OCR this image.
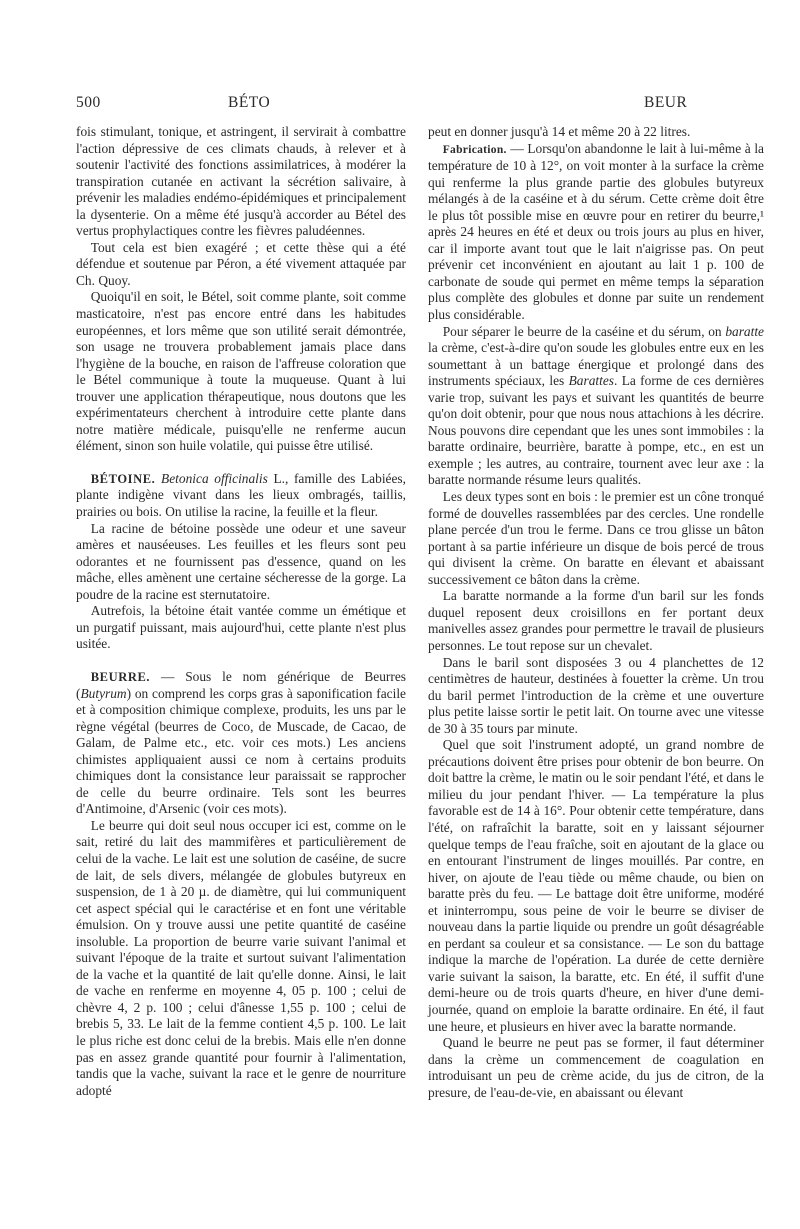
500	BÉTO	BEUR

fois stimulant, tonique, et astringent, il servirait à combattre l'action dépressive de ces climats chauds, à relever et à soutenir l'activité des fonctions assimilatrices, à modérer la transpiration cutanée en activant la sécrétion salivaire, à prévenir les maladies endémo-épidémiques et principalement la dysenterie. On a même été jusqu'à accorder au Bétel des vertus prophylactiques contre les fièvres paludéennes.

Tout cela est bien exagéré ; et cette thèse qui a été défendue et soutenue par Péron, a été vivement attaquée par Ch. Quoy.

Quoiqu'il en soit, le Bétel, soit comme plante, soit comme masticatoire, n'est pas encore entré dans les habitudes européennes, et lors même que son utilité serait démontrée, son usage ne trouvera probablement jamais place dans l'hygiène de la bouche, en raison de l'affreuse coloration que le Bétel communique à toute la muqueuse. Quant à lui trouver une application thérapeutique, nous doutons que les expérimentateurs cherchent à introduire cette plante dans notre matière médicale, puisqu'elle ne renferme aucun élément, sinon son huile volatile, qui puisse être utilisé.

BÉTOINE. Betonica officinalis L., famille des Labiées, plante indigène vivant dans les lieux ombragés, taillis, prairies ou bois. On utilise la racine, la feuille et la fleur.

La racine de bétoine possède une odeur et une saveur amères et nauséeuses. Les feuilles et les fleurs sont peu odorantes et ne fournissent pas d'essence, quand on les mâche, elles amènent une certaine sécheresse de la gorge. La poudre de la racine est sternutatoire.

Autrefois, la bétoine était vantée comme un émétique et un purgatif puissant, mais aujourd'hui, cette plante n'est plus usitée.

BEURRE. — Sous le nom générique de Beurres (Butyrum) on comprend les corps gras à saponification facile et à composition chimique complexe, produits, les uns par le règne végétal (beurres de Coco, de Muscade, de Cacao, de Galam, de Palme etc., etc. voir ces mots.) Les anciens chimistes appliquaient aussi ce nom à certains produits chimiques dont la consistance leur paraissait se rapprocher de celle du beurre ordinaire. Tels sont les beurres d'Antimoine, d'Arsenic (voir ces mots).

Le beurre qui doit seul nous occuper ici est, comme on le sait, retiré du lait des mammifères et particulièrement de celui de la vache. Le lait est une solution de caséine, de sucre de lait, de sels divers, mélangée de globules butyreux en suspension, de 1 à 20 µ. de diamètre, qui lui communiquent cet aspect spécial qui le caractérise et en font une véritable émulsion. On y trouve aussi une petite quantité de caséine insoluble. La proportion de beurre varie suivant l'animal et suivant l'époque de la traite et surtout suivant l'alimentation de la vache et la quantité de lait qu'elle donne. Ainsi, le lait de vache en renferme en moyenne 4, 05 p. 100 ; celui de chèvre 4, 2 p. 100 ; celui d'ânesse 1,55 p. 100 ; celui de brebis 5, 33. Le lait de la femme contient 4,5 p. 100. Le lait le plus riche est donc celui de la brebis. Mais elle n'en donne pas en assez grande quantité pour fournir à l'alimentation, tandis que la vache, suivant la race et le genre de nourriture adopté

peut en donner jusqu'à 14 et même 20 à 22 litres.

Fabrication. — Lorsqu'on abandonne le lait à lui-même à la température de 10 à 12°, on voit monter à la surface la crème qui renferme la plus grande partie des globules butyreux mélangés à de la caséine et à du sérum. Cette crème doit être le plus tôt possible mise en œuvre pour en retirer du beurre,¹ après 24 heures en été et deux ou trois jours au plus en hiver, car il importe avant tout que le lait n'aigrisse pas. On peut prévenir cet inconvénient en ajoutant au lait 1 p. 100 de carbonate de soude qui permet en même temps la séparation plus complète des globules et donne par suite un rendement plus considérable.

Pour séparer le beurre de la caséine et du sérum, on baratte la crème, c'est-à-dire qu'on soude les globules entre eux en les soumettant à un battage énergique et prolongé dans des instruments spéciaux, les Barattes. La forme de ces dernières varie trop, suivant les pays et suivant les quantités de beurre qu'on doit obtenir, pour que nous nous attachions à les décrire. Nous pouvons dire cependant que les unes sont immobiles : la baratte ordinaire, beurrière, baratte à pompe, etc., en est un exemple ; les autres, au contraire, tournent avec leur axe : la baratte normande résume leurs qualités.

Les deux types sont en bois : le premier est un cône tronqué formé de douvelles rassemblées par des cercles. Une rondelle plane percée d'un trou le ferme. Dans ce trou glisse un bâton portant à sa partie inférieure un disque de bois percé de trous qui divisent la crème. On baratte en élevant et abaissant successivement ce bâton dans la crème.

La baratte normande a la forme d'un baril sur les fonds duquel reposent deux croisillons en fer portant deux manivelles assez grandes pour permettre le travail de plusieurs personnes. Le tout repose sur un chevalet.

Dans le baril sont disposées 3 ou 4 planchettes de 12 centimètres de hauteur, destinées à fouetter la crème. Un trou du baril permet l'introduction de la crème et une ouverture plus petite laisse sortir le petit lait. On tourne avec une vitesse de 30 à 35 tours par minute.

Quel que soit l'instrument adopté, un grand nombre de précautions doivent être prises pour obtenir de bon beurre. On doit battre la crème, le matin ou le soir pendant l'été, et dans le milieu du jour pendant l'hiver. — La température la plus favorable est de 14 à 16°. Pour obtenir cette température, dans l'été, on rafraîchit la baratte, soit en y laissant séjourner quelque temps de l'eau fraîche, soit en ajoutant de la glace ou en entourant l'instrument de linges mouillés. Par contre, en hiver, on ajoute de l'eau tiède ou même chaude, ou bien on baratte près du feu. — Le battage doit être uniforme, modéré et ininterrompu, sous peine de voir le beurre se diviser de nouveau dans la partie liquide ou prendre un goût désagréable en perdant sa couleur et sa consistance. — Le son du battage indique la marche de l'opération. La durée de cette dernière varie suivant la saison, la baratte, etc. En été, il suffit d'une demi-heure ou de trois quarts d'heure, en hiver d'une demi-journée, quand on emploie la baratte ordinaire. En été, il faut une heure, et plusieurs en hiver avec la baratte normande.

Quand le beurre ne peut pas se former, il faut déterminer dans la crème un commencement de coagulation en introduisant un peu de crème acide, du jus de citron, de la presure, de l'eau-de-vie, en abaissant ou élevant
